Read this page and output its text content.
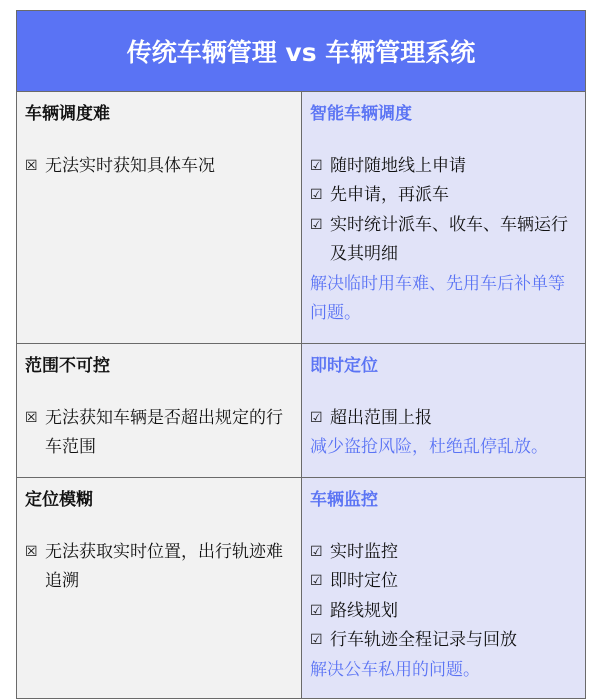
传统车辆管理 vs 车辆管理系统
车辆调度难
☒ 无法实时获知具体车况
智能车辆调度
☑ 随时随地线上申请
☑ 先申请，再派车
☑ 实时统计派车、收车、车辆运行及其明细
解决临时用车难、先用车后补单等问题。
范围不可控
☒ 无法获知车辆是否超出规定的行车范围
即时定位
☑ 超出范围上报
减少盗抢风险，杜绝乱停乱放。
定位模糊
☒ 无法获取实时位置，出行轨迹难追溯
车辆监控
☑ 实时监控
☑ 即时定位
☑ 路线规划
☑ 行车轨迹全程记录与回放
解决公车私用的问题。
